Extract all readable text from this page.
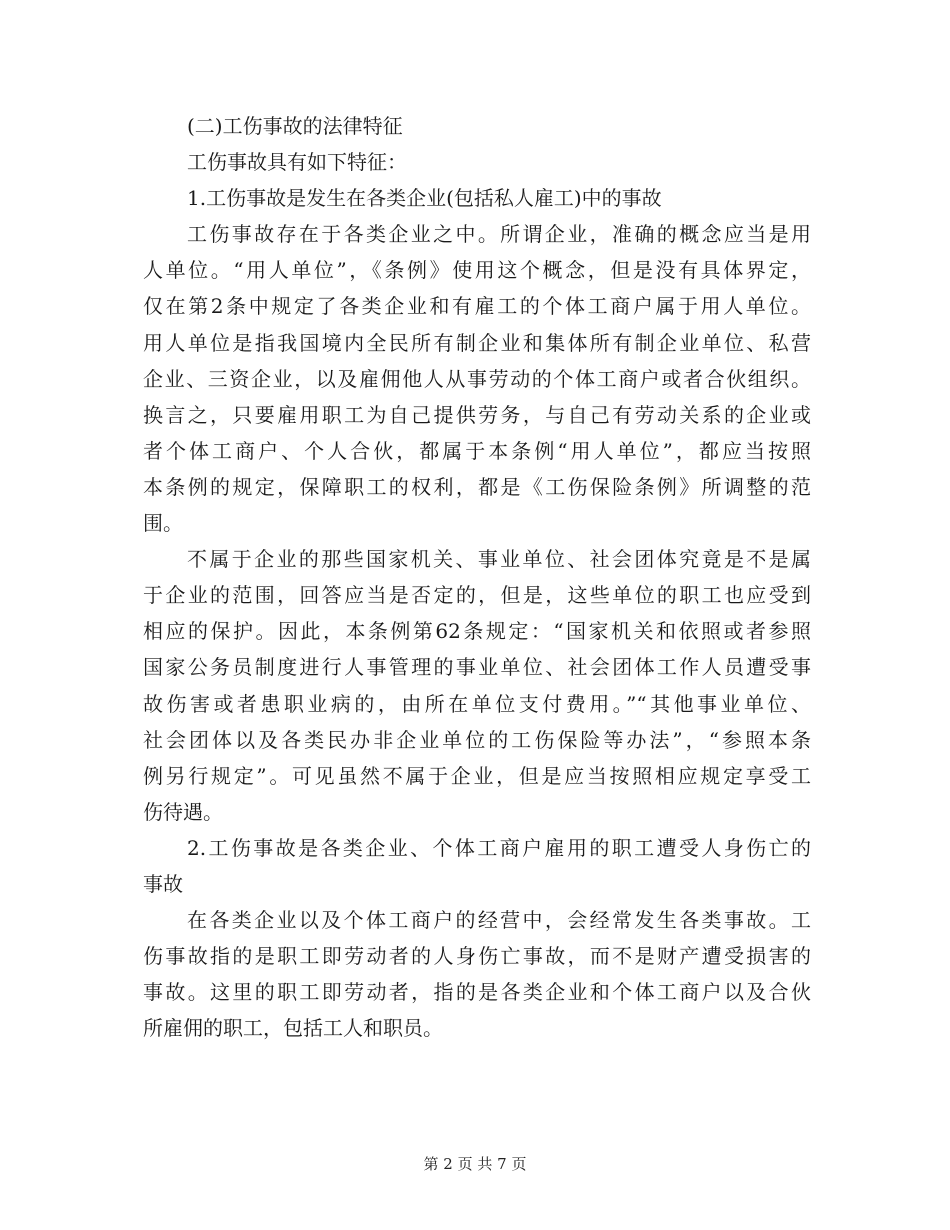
(二)工伤事故的法律特征
工伤事故具有如下特征：
1.工伤事故是发生在各类企业(包括私人雇工)中的事故
工伤事故存在于各类企业之中。所谓企业，准确的概念应当是用
人单位。“用人单位”，《条例》使用这个概念，但是没有具体界定，
仅在第2条中规定了各类企业和有雇工的个体工商户属于用人单位。
用人单位是指我国境内全民所有制企业和集体所有制企业单位、私营
企业、三资企业，以及雇佣他人从事劳动的个体工商户或者合伙组织。
换言之，只要雇用职工为自己提供劳务，与自己有劳动关系的企业或
者个体工商户、个人合伙，都属于本条例“用人单位”，都应当按照
本条例的规定，保障职工的权利，都是《工伤保险条例》所调整的范
围。
不属于企业的那些国家机关、事业单位、社会团体究竟是不是属
于企业的范围，回答应当是否定的，但是，这些单位的职工也应受到
相应的保护。因此，本条例第62条规定：“国家机关和依照或者参照
国家公务员制度进行人事管理的事业单位、社会团体工作人员遭受事
故伤害或者患职业病的，由所在单位支付费用。”“其他事业单位、
社会团体以及各类民办非企业单位的工伤保险等办法”，“参照本条
例另行规定”。可见虽然不属于企业，但是应当按照相应规定享受工
伤待遇。
2.工伤事故是各类企业、个体工商户雇用的职工遭受人身伤亡的
事故
在各类企业以及个体工商户的经营中，会经常发生各类事故。工
伤事故指的是职工即劳动者的人身伤亡事故，而不是财产遭受损害的
事故。这里的职工即劳动者，指的是各类企业和个体工商户以及合伙
所雇佣的职工，包括工人和职员。
第 2 页 共 7 页
